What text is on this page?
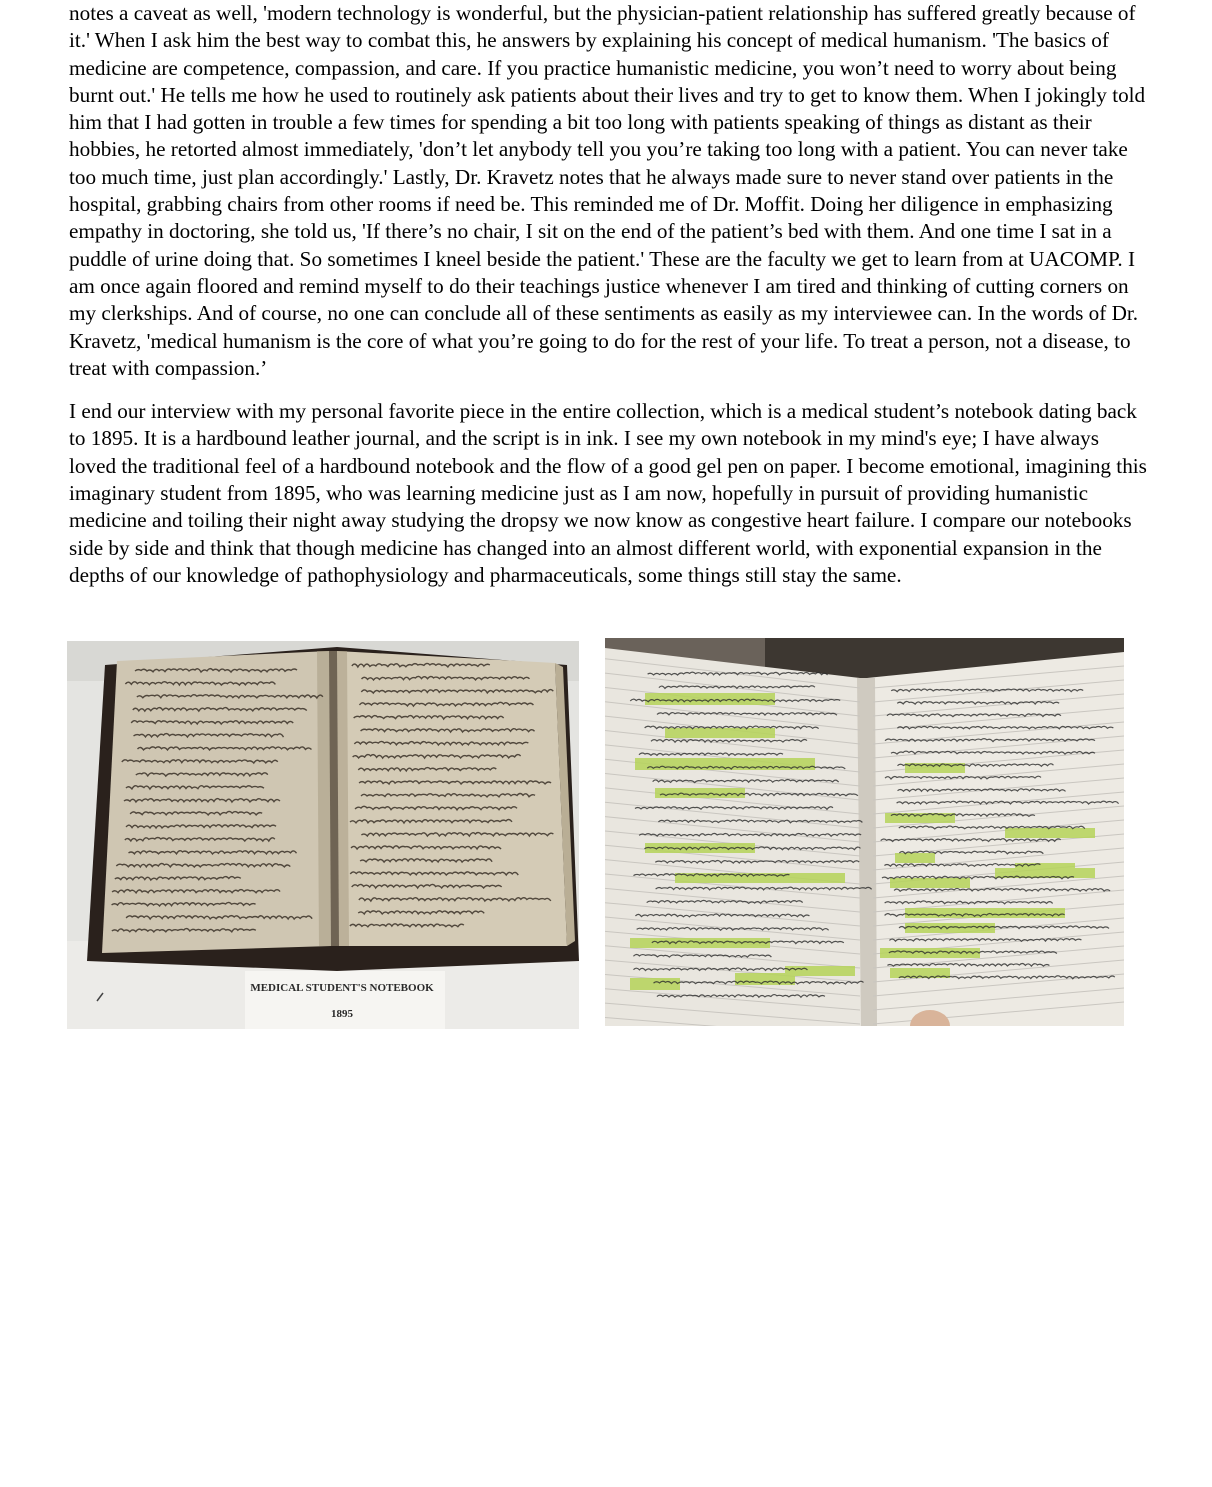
notes a caveat as well, 'modern technology is wonderful, but the physician-patient relationship has suffered greatly because of it.' When I ask him the best way to combat this, he answers by explaining his concept of medical humanism. 'The basics of medicine are competence, compassion, and care. If you practice humanistic medicine, you won’t need to worry about being burnt out.' He tells me how he used to routinely ask patients about their lives and try to get to know them. When I jokingly told him that I had gotten in trouble a few times for spending a bit too long with patients speaking of things as distant as their hobbies, he retorted almost immediately, 'don’t let anybody tell you you’re taking too long with a patient. You can never take too much time, just plan accordingly.' Lastly, Dr. Kravetz notes that he always made sure to never stand over patients in the hospital, grabbing chairs from other rooms if need be. This reminded me of Dr. Moffit. Doing her diligence in emphasizing empathy in doctoring, she told us, 'If there’s no chair, I sit on the end of the patient’s bed with them. And one time I sat in a puddle of urine doing that. So sometimes I kneel beside the patient.' These are the faculty we get to learn from at UACOMP. I am once again floored and remind myself to do their teachings justice whenever I am tired and thinking of cutting corners on my clerkships. And of course, no one can conclude all of these sentiments as easily as my interviewee can. In the words of Dr. Kravetz, 'medical humanism is the core of what you’re going to do for the rest of your life. To treat a person, not a disease, to treat with compassion.’

I end our interview with my personal favorite piece in the entire collection, which is a medical student’s notebook dating back to 1895. It is a hardbound leather journal, and the script is in ink. I see my own notebook in my mind's eye; I have always loved the traditional feel of a hardbound notebook and the flow of a good gel pen on paper. I become emotional, imagining this imaginary student from 1895, who was learning medicine just as I am now, hopefully in pursuit of providing humanistic medicine and toiling their night away studying the dropsy we now know as congestive heart failure. I compare our notebooks side by side and think that though medicine has changed into an almost different world, with exponential expansion in the depths of our knowledge of pathophysiology and pharmaceuticals, some things still stay the same.

MEDICAL STUDENT'S NOTEBOOK
1895
